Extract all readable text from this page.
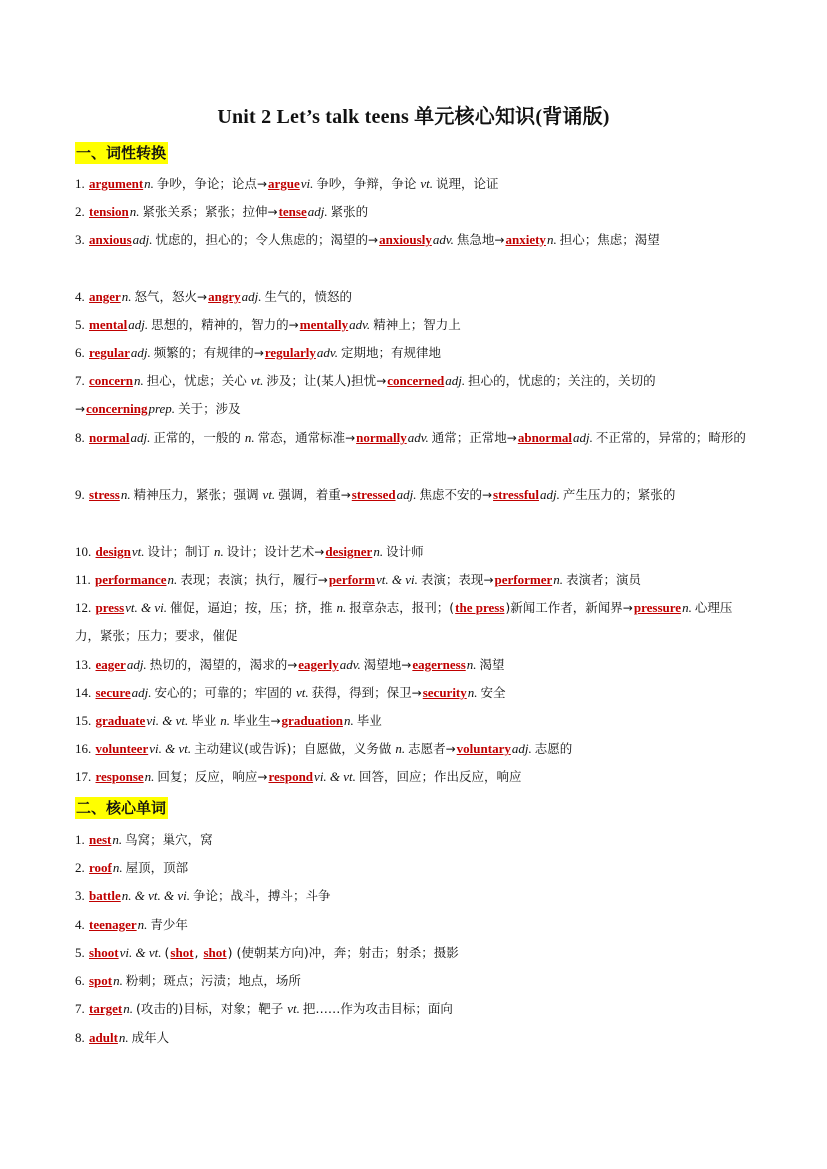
Unit 2 Let’s talk teens 单元核心知识(背诵版)
一、词性转换
1. argumentn. 争吵，争论；论点→arguevi. 争吵，争辩，争论 vt. 说理，论证
2. tensionn. 紧张关系；紧张；拉伸→tenseadj. 紧张的
3. anxiousadj. 忧虑的，担心的；令人焦虑的；渴望的→anxiouslyadv. 焦急地→anxietyn. 担心；焦虑；渴望
4. angern. 怒气，怒火→angryadj. 生气的，愤怒的
5. mentaladj. 思想的，精神的，智力的→mentallyadv. 精神上；智力上
6. regularadj. 频繁的；有规律的→regularlyadv. 定期地；有规律地
7. concernn. 担心，忧虑；关心 vt. 涉及；让(某人)担忧→concernedadj. 担心的，忧虑的；关注的，关切的→concerningprep. 关于；涉及
8. normaladj. 正常的，一般的 n. 常态，通常标准→normallyadv. 通常；正常地→abnormaladj. 不正常的，异常的；畸形的
9. stressn. 精神压力，紧张；强调 vt. 强调，着重→stressedadj. 焦虑不安的→stressfuladj. 产生压力的；紧张的
10. designvt. 设计；制订 n. 设计；设计艺术→designern. 设计师
11. performancen. 表现；表演；执行，履行→performvt. & vi. 表演；表现→performern. 表演者；演员
12. pressvt. & vi. 催促，逼迫；按，压；挤，推 n. 报章杂志，报刊；(the press)新闻工作者，新闻界→pressuren. 心理压力，紧张；压力；要求，催促
13. eageradj. 热切的，渴望的，渴求的→eagerlyadv. 渴望地→eagernessn. 渴望
14. secureadj. 安心的；可靠的；牢固的 vt. 获得，得到；保卫→securityn. 安全
15. graduatevi. & vt. 毕业 n. 毕业生→graduationn. 毕业
16. volunteervi. & vt. 主动建议(或告诉)；自愿做，义务做 n. 志愿者→voluntaryadj. 志愿的
17. responsen. 回复；反应，响应→respondvi. & vt. 回答，回应；作出反应，响应
二、核心单词
1. nestn. 鸟窝；巢穴，窝
2. roofn. 屋顶，顶部
3. battlen. & vt. & vi. 争论；战斗，搏斗；斗争
4. teenagern. 青少年
5. shootvi. & vt. (shot, shot) (使朝某方向)冲，奔；射击；射杀；摄影
6. spotn. 粉刺；斑点；污渍；地点，场所
7. targetn. (攻击的)目标，对象；靶子 vt. 把……作为攻击目标；面向
8. adultn. 成年人
